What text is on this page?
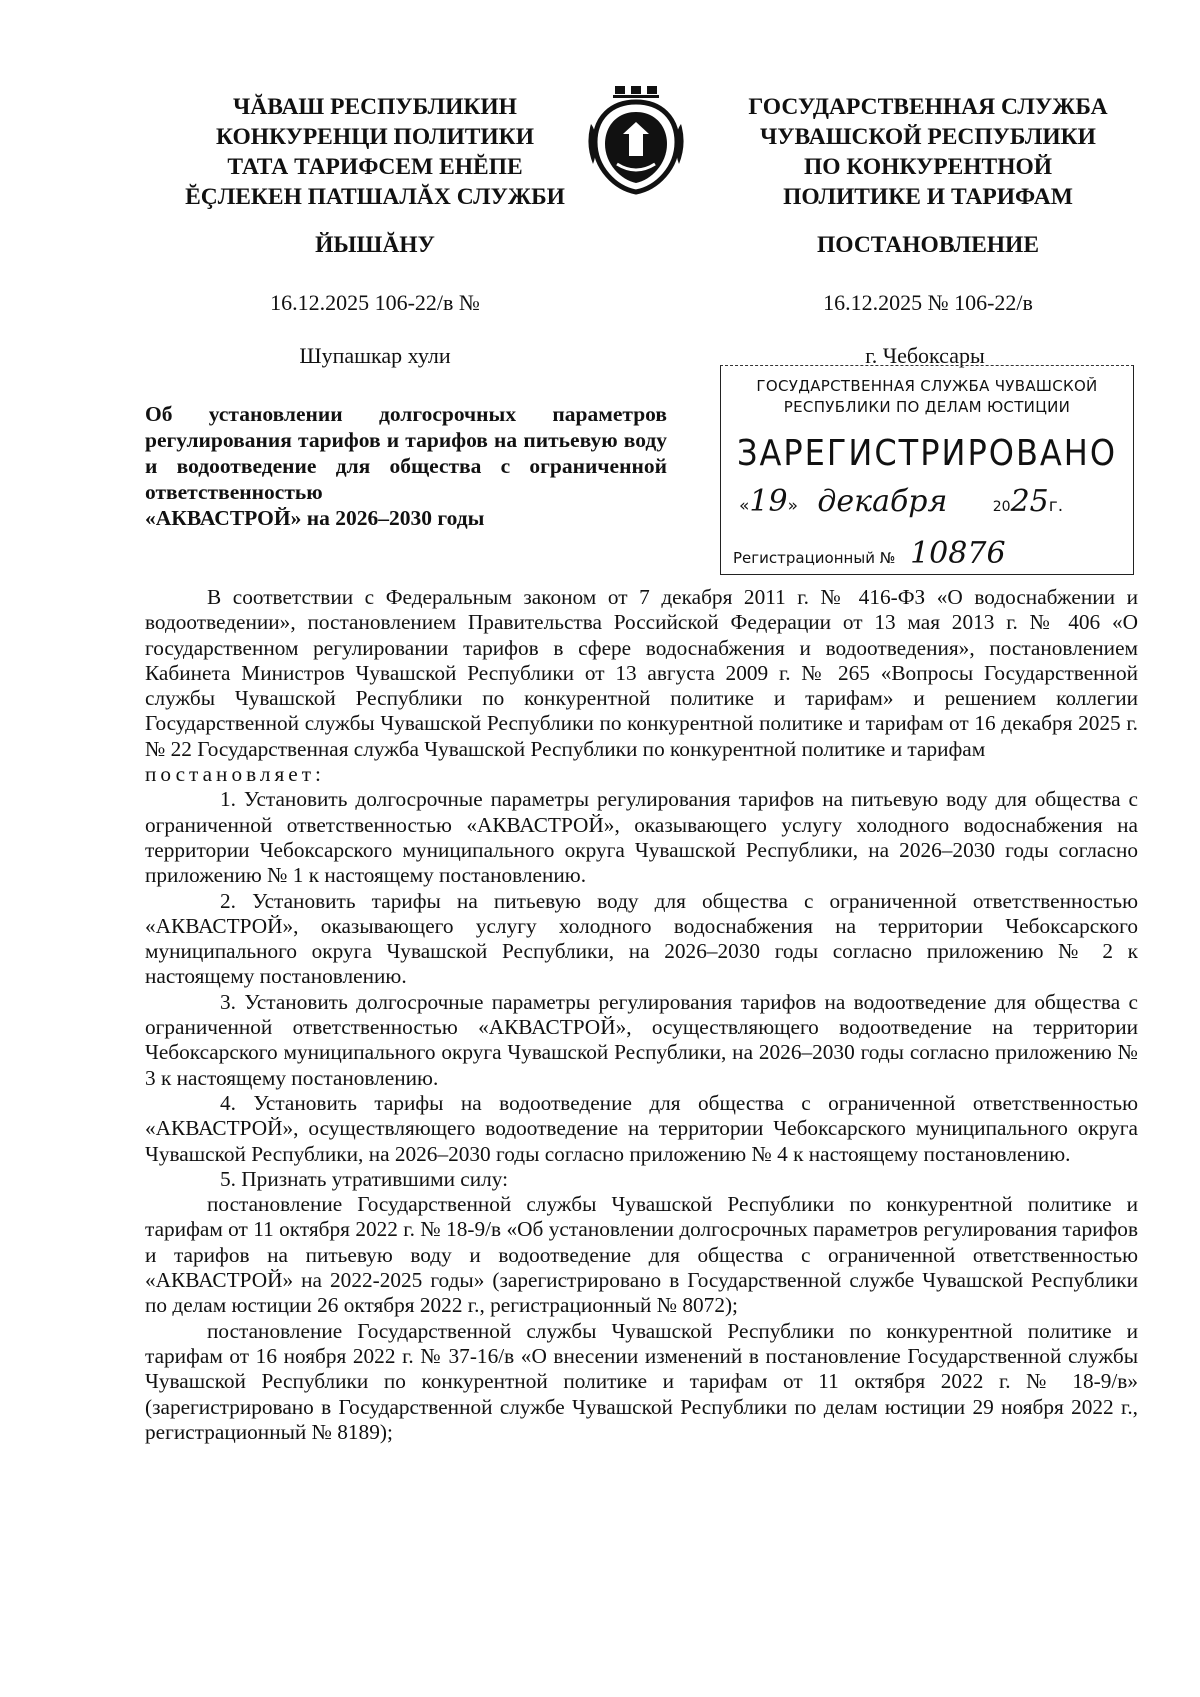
ЧĂВАШ РЕСПУБЛИКИН
КОНКУРЕНЦИ ПОЛИТИКИ
ТАТА ТАРИФСЕМ ЕНĔПЕ
ĔÇЛЕКЕН ПАТШАЛĂХ СЛУЖБИ
ГОСУДАРСТВЕННАЯ СЛУЖБА
ЧУВАШСКОЙ РЕСПУБЛИКИ
ПО КОНКУРЕНТНОЙ
ПОЛИТИКЕ И ТАРИФАМ
ЙЫШĂНУ	ПОСТАНОВЛЕНИЕ
16.12.2025 106-22/в №	16.12.2025 № 106-22/в
Шупашкар хули	г. Чебоксары
ГОСУДАРСТВЕННАЯ СЛУЖБА ЧУВАШСКОЙ
РЕСПУБЛИКИ ПО ДЕЛАМ ЮСТИЦИИ
ЗАРЕГИСТРИРОВАНО
«19» декабря	2025г.
Регистрационный № 10876
Об установлении долгосрочных параметров регулирования тарифов и тарифов на питьевую воду и водоотведение для общества с ограниченной ответственностью
«АКВАСТРОЙ» на 2026–2030 годы

В соответствии с Федеральным законом от 7 декабря 2011 г. № 416-ФЗ «О водоснабжении и водоотведении», постановлением Правительства Российской Федерации от 13 мая 2013 г. № 406 «О государственном регулировании тарифов в сфере водоснабжения и водоотведения», постановлением Кабинета Министров Чувашской Республики от 13 августа 2009 г. № 265 «Вопросы Государственной службы Чувашской Республики по конкурентной политике и тарифам» и решением коллегии Государственной службы Чувашской Республики по конкурентной политике и тарифам от 16 декабря 2025 г. № 22 Государственная служба Чувашской Республики по конкурентной политике и тарифам

постановляет:

1. Установить долгосрочные параметры регулирования тарифов на питьевую воду для общества с ограниченной ответственностью «АКВАСТРОЙ», оказывающего услугу холодного водоснабжения на территории Чебоксарского муниципального округа Чувашской Республики, на 2026–2030 годы согласно приложению № 1 к настоящему постановлению.

2. Установить тарифы на питьевую воду для общества с ограниченной ответственностью «АКВАСТРОЙ», оказывающего услугу холодного водоснабжения на территории Чебоксарского муниципального округа Чувашской Республики, на 2026–2030 годы согласно приложению № 2 к настоящему постановлению.

3. Установить долгосрочные параметры регулирования тарифов на водоотведение для общества с ограниченной ответственностью «АКВАСТРОЙ», осуществляющего водоотведение на территории Чебоксарского муниципального округа Чувашской Республики, на 2026–2030 годы согласно приложению № 3 к настоящему постановлению.

4. Установить тарифы на водоотведение для общества с ограниченной ответственностью «АКВАСТРОЙ», осуществляющего водоотведение на территории Чебоксарского муниципального округа Чувашской Республики, на 2026–2030 годы согласно приложению № 4 к настоящему постановлению.

5. Признать утратившими силу:

постановление Государственной службы Чувашской Республики по конкурентной политике и тарифам от 11 октября 2022 г. № 18-9/в «Об установлении долгосрочных параметров регулирования тарифов и тарифов на питьевую воду и водоотведение для общества с ограниченной ответственностью «АКВАСТРОЙ» на 2022-2025 годы» (зарегистрировано в Государственной службе Чувашской Республики по делам юстиции 26 октября 2022 г., регистрационный № 8072);

постановление Государственной службы Чувашской Республики по конкурентной политике и тарифам от 16 ноября 2022 г. № 37-16/в «О внесении изменений в постановление Государственной службы Чувашской Республики по конкурентной политике и тарифам от 11 октября 2022 г. № 18-9/в» (зарегистрировано в Государственной службе Чувашской Республики по делам юстиции 29 ноября 2022 г., регистрационный № 8189);
